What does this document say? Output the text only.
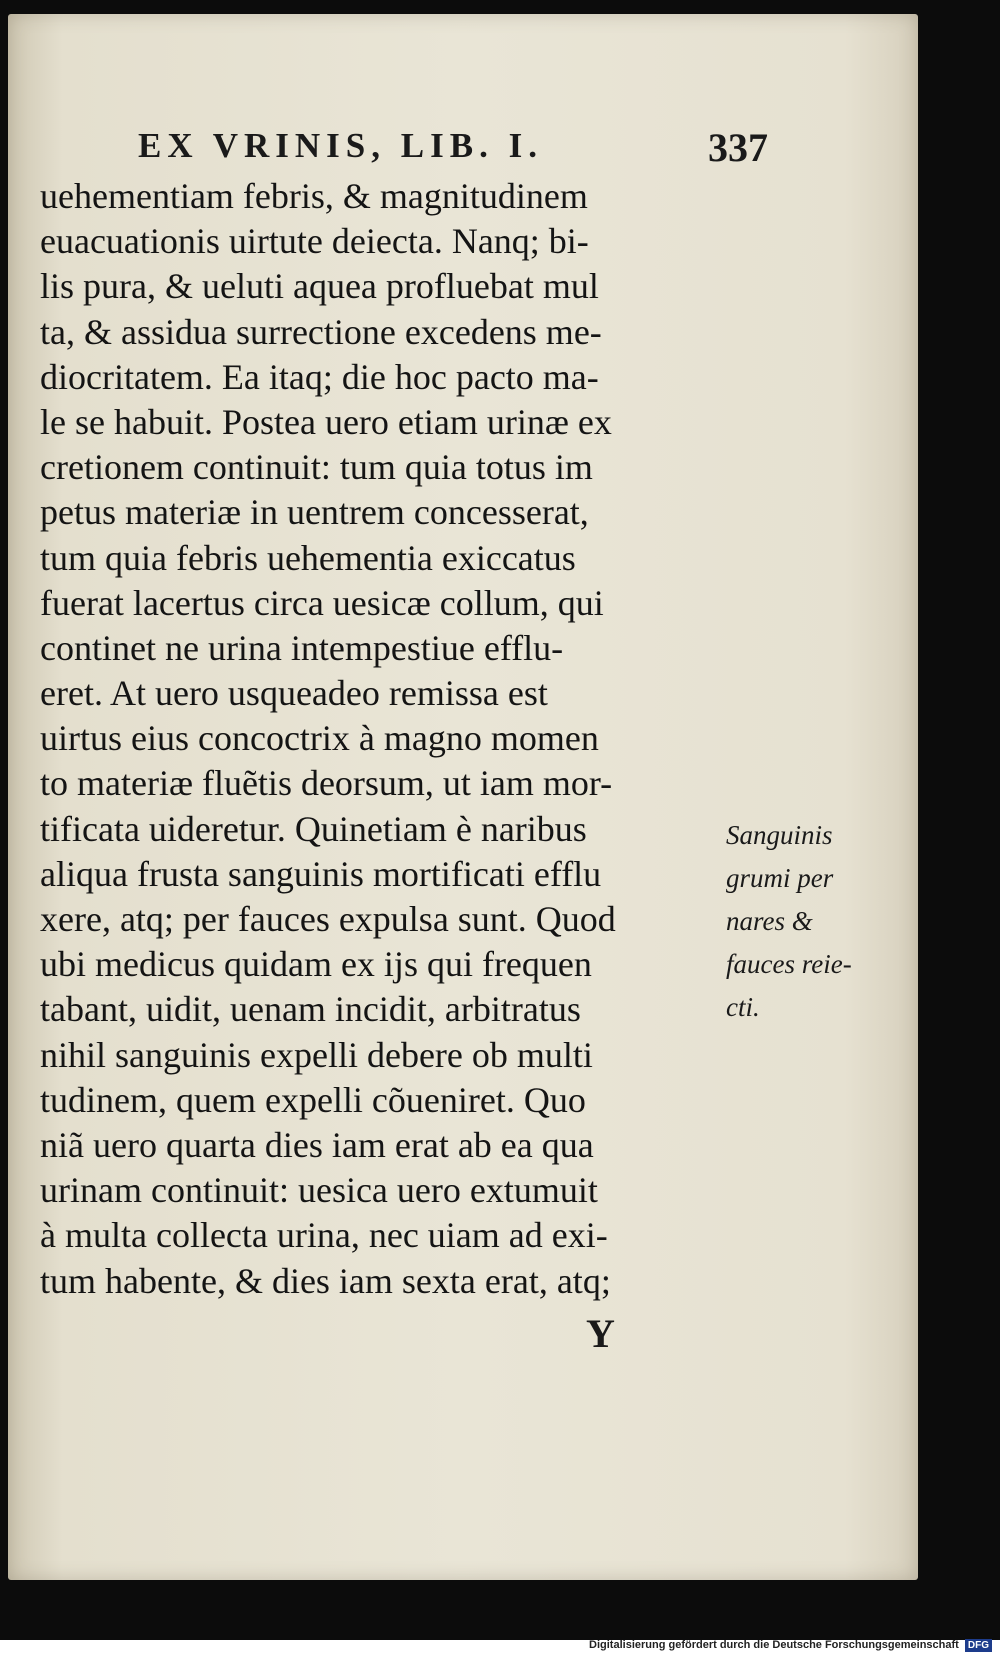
EX VRINIS, LIB. I.	337
uehementiam febris, & magnitudinem
euacuationis uirtute deiecta. Nanq; bi-
lis pura, & ueluti aquea profluebat mul
ta, & assidua surrectione excedens me-
diocritatem. Ea itaq; die hoc pacto ma-
le se habuit. Postea uero etiam urinæ ex
cretionem continuit: tum quia totus im
petus materiæ in uentrem concesserat,
tum quia febris uehementia exiccatus
fuerat lacertus circa uesicæ collum, qui
continet ne urina intempestiue efflu-
eret. At uero usqueadeo remissa est
uirtus eius concoctrix à magno momen
to materiæ fluẽtis deorsum, ut iam mor-
tificata uideretur. Quinetiam è naribus
aliqua frusta sanguinis mortificati efflu
xere, atq; per fauces expulsa sunt. Quod
ubi medicus quidam ex ijs qui frequen
tabant, uidit, uenam incidit, arbitratus
nihil sanguinis expelli debere ob multi
tudinem, quem expelli cõueniret. Quo
niã uero quarta dies iam erat ab ea qua
urinam continuit: uesica uero extumuit
à multa collecta urina, nec uiam ad exi-
tum habente, & dies iam sexta erat, atq;
Sanguinis
grumi per
nares &
fauces reie-
cti.
Y
Digitalisierung gefördert durch die Deutsche Forschungsgemeinschaft DFG
